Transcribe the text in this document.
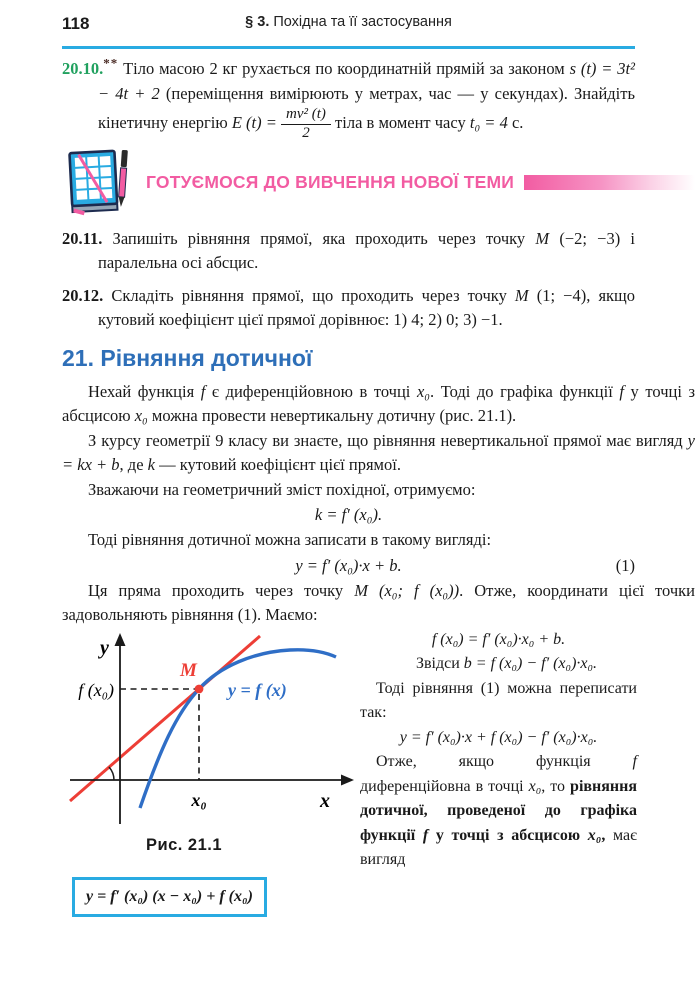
118	§ 3. Похідна та її застосування
20.10.** Тіло масою 2 кг рухається по координатній прямій за законом s (t) = 3t² − 4t + 2 (переміщення вимірюють у метрах, час — у секундах). Знайдіть кінетичну енергію E $(t) = \frac{\text{mv² (t)}}{2}$ тіла в момент часу t₀ = 4 с.
ГОТУЄМОСЯ ДО ВИВЧЕННЯ НОВОЇ ТЕМИ
20.11. Запишіть рівняння прямої, яка проходить через точку M (−2; −3) і паралельна осі абсцис.
20.12. Складіть рівняння прямої, що проходить через точку M (1; −4), якщо кутовий коефіцієнт цієї прямої дорівнює: 1) 4; 2) 0; 3) −1.
21. Рівняння дотичної

Нехай функція f є диференційовною в точці x₀. Тоді до графіка функції f у точці з абсцисою x₀ можна провести невертикальну дотичну (рис. 21.1).

З курсу геометрії 9 класу ви знаєте, що рівняння невертикальної прямої має вигляд y = kx + b, де k — кутовий коефіцієнт цієї прямої.

Зважаючи на геометричний зміст похідної, отримуємо:

k = f′ (x₀).

Тоді рівняння дотичної можна записати в такому вигляді:

y = f′ (x₀)·x + b.	(1)

Ця пряма проходить через точку M (x₀; f (x₀)). Отже, координати цієї точки задовольняють рівняння (1). Маємо:

y
x
M
f (x₀)
x₀
y = f (x)
Рис. 21.1
f (x₀) = f′ (x₀)·x₀ + b.
Звідси b = f (x₀) − f′ (x₀)·x₀.

Тоді рівняння (1) можна переписати так:

y = f′ (x₀)·x + f (x₀) − f′ (x₀)·x₀.

Отже, якщо функція f диференційовна в точці x₀, то рівняння дотичної, проведеної до графіка функції f у точці з абсцисою x₀, має вигляд

y = f′ (x₀) (x − x₀) + f (x₀)
